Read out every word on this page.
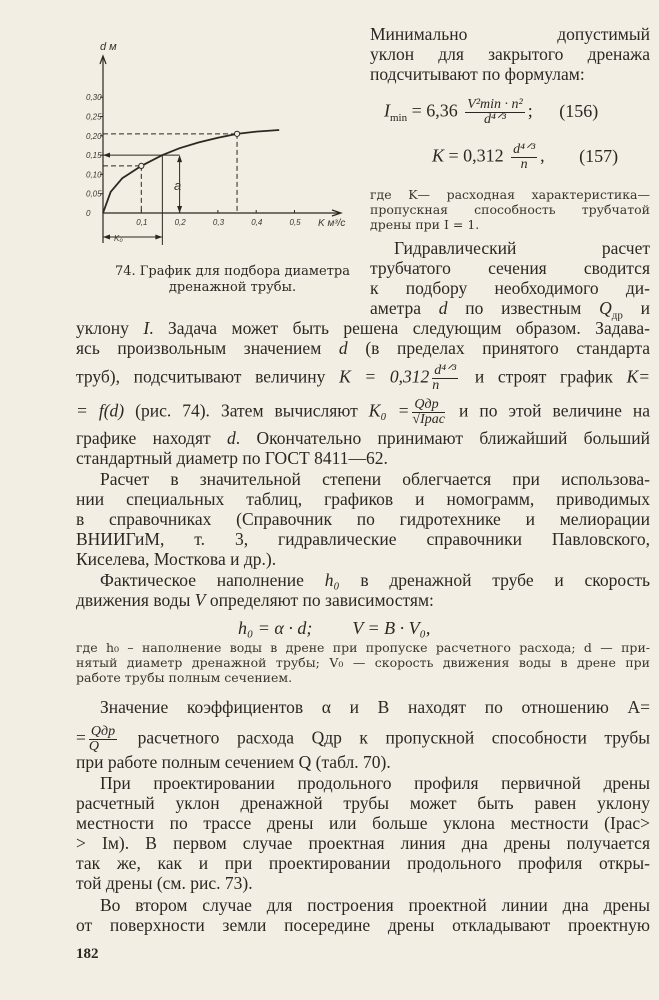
0,1	0,2	0,3	0,4	0,5
0
0,05
0,10
0,15
0,20
0,25
0,30
d м
K м³/с
a
K₀
74. График для подбора диаметра
дренажной трубы.
Минимально допустимый
уклон для закрытого дренажа
подсчитывают по формулам:
$I_{min} = 6,36 \frac{\text{V²min · n²}}{\text{d⁴ᐟ³}}$ ; (156)
$K = 0,312 \frac{\text{d⁴ᐟ³}}{n}$ , (157)
где K— расходная характеристика—
пропускная способность трубчатой
дрены при I = 1.
Гидравлический расчет
трубчатого сечения сводится
к подбору необходимого ди-
аметра d по известным $Q_{др}$ и
уклону I. Задача может быть решена следующим образом. Задава-
ясь произвольным значением d (в пределах принятого стандарта
труб), подсчитывают величину $K = 0,312 \frac{\text{d⁴ᐟ³}}{n}$ и строят график K=
= f(d) (рис. 74). Затем вычисляют $K_0 = \frac{\text{Qдр}}{\text{√Iрас}}$ и по этой величине на
графике находят d. Окончательно принимают ближайший больший
стандартный диаметр по ГОСТ 8411—62.
Расчет в значительной степени облегчается при использова-
нии специальных таблиц, графиков и номограмм, приводимых
в справочниках (Справочник по гидротехнике и мелиорации
ВНИИГиМ, т. 3, гидравлические справочники Павловского,
Киселева, Мосткова и др.).
Фактическое наполнение h₀ в дренажной трубе и скорость
движения воды V определяют по зависимостям:
h₀ = α · d; V = B · V₀,
где h₀ – наполнение воды в дрене при пропуске расчетного расхода; d — при-
нятый диаметр дренажной трубы; V₀ — скорость движения воды в дрене при
работе трубы полным сечением.
Значение коэффициентов α и B находят по отношению A=
= $\frac{\text{Qдр}}{Q}$ расчетного расхода Qдр к пропускной способности трубы
при работе полным сечением Q (табл. 70).
При проектировании продольного профиля первичной дрены
расчетный уклон дренажной трубы может быть равен уклону
местности по трассе дрены или больше уклона местности (Iрас>
> Iм). В первом случае проектная линия дна дрены получается
так же, как и при проектировании продольного профиля откры-
той дрены (см. рис. 73).
Во втором случае для построения проектной линии дна дрены
от поверхности земли посередине дрены откладывают проектную
182
